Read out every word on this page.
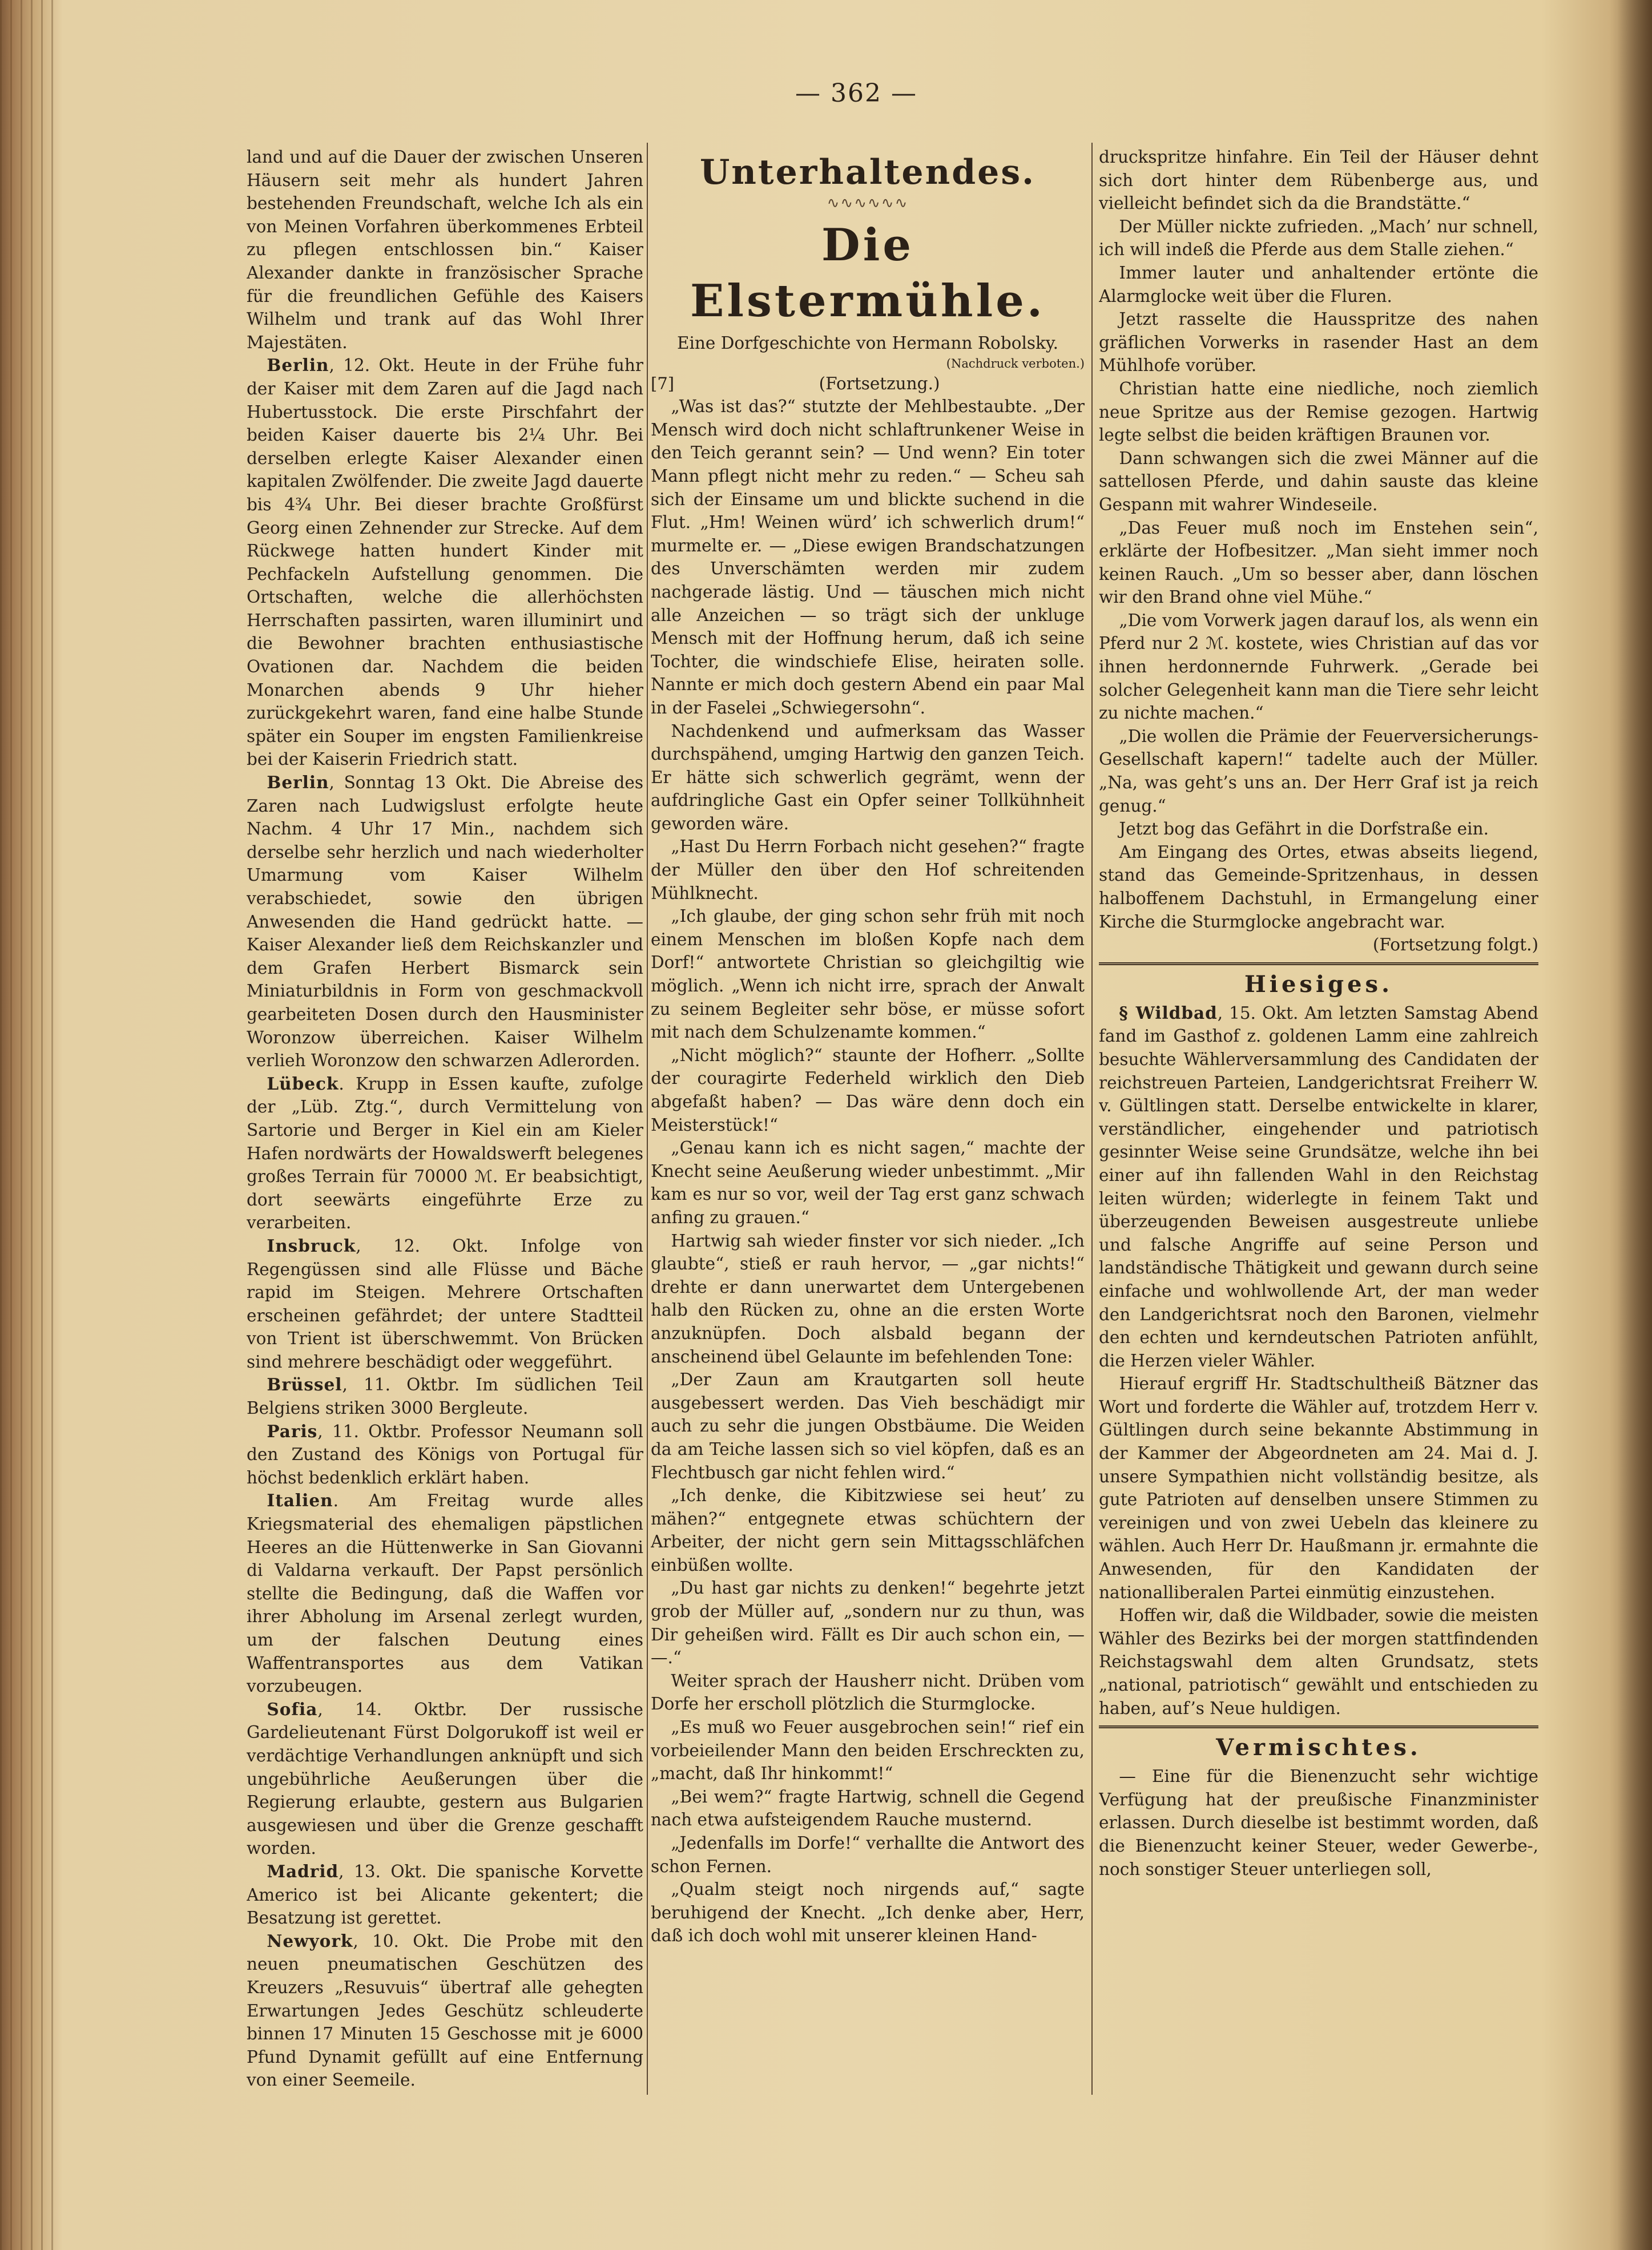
— 362 —

land und auf die Dauer der zwischen Unseren Häusern seit mehr als hundert Jahren bestehenden Freundschaft, welche Ich als ein von Meinen Vorfahren überkommenes Erbteil zu pflegen entschlossen bin.“ Kaiser Alexander dankte in französischer Sprache für die freundlichen Gefühle des Kaisers Wilhelm und trank auf das Wohl Ihrer Majestäten.

Berlin, 12. Okt. Heute in der Frühe fuhr der Kaiser mit dem Zaren auf die Jagd nach Hubertusstock. Die erste Pirschfahrt der beiden Kaiser dauerte bis 2¼ Uhr. Bei derselben erlegte Kaiser Alexander einen kapitalen Zwölfender. Die zweite Jagd dauerte bis 4¾ Uhr. Bei dieser brachte Großfürst Georg einen Zehnender zur Strecke. Auf dem Rückwege hatten hundert Kinder mit Pechfackeln Aufstellung genommen. Die Ortschaften, welche die allerhöchsten Herrschaften passirten, waren illuminirt und die Bewohner brachten enthusiastische Ovationen dar. Nachdem die beiden Monarchen abends 9 Uhr hieher zurückgekehrt waren, fand eine halbe Stunde später ein Souper im engsten Familienkreise bei der Kaiserin Friedrich statt.

Berlin, Sonntag 13 Okt. Die Abreise des Zaren nach Ludwigslust erfolgte heute Nachm. 4 Uhr 17 Min., nachdem sich derselbe sehr herzlich und nach wiederholter Umarmung vom Kaiser Wilhelm verabschiedet, sowie den übrigen Anwesenden die Hand gedrückt hatte. — Kaiser Alexander ließ dem Reichskanzler und dem Grafen Herbert Bismarck sein Miniaturbildnis in Form von geschmackvoll gearbeiteten Dosen durch den Hausminister Woronzow überreichen. Kaiser Wilhelm verlieh Woronzow den schwarzen Adlerorden.

Lübeck. Krupp in Essen kaufte, zufolge der „Lüb. Ztg.“, durch Vermittelung von Sartorie und Berger in Kiel ein am Kieler Hafen nordwärts der Howaldswerft belegenes großes Terrain für 70000 ℳ. Er beabsichtigt, dort seewärts eingeführte Erze zu verarbeiten.

Insbruck, 12. Okt. Infolge von Regengüssen sind alle Flüsse und Bäche rapid im Steigen. Mehrere Ortschaften erscheinen gefährdet; der untere Stadtteil von Trient ist überschwemmt. Von Brücken sind mehrere beschädigt oder weggeführt.

Brüssel, 11. Oktbr. Im südlichen Teil Belgiens striken 3000 Bergleute.

Paris, 11. Oktbr. Professor Neumann soll den Zustand des Königs von Portugal für höchst bedenklich erklärt haben.

Italien. Am Freitag wurde alles Kriegsmaterial des ehemaligen päpstlichen Heeres an die Hüttenwerke in San Giovanni di Valdarna verkauft. Der Papst persönlich stellte die Bedingung, daß die Waffen vor ihrer Abholung im Arsenal zerlegt wurden, um der falschen Deutung eines Waffentransportes aus dem Vatikan vorzubeugen.

Sofia, 14. Oktbr. Der russische Gardelieutenant Fürst Dolgorukoff ist weil er verdächtige Verhandlungen anknüpft und sich ungebührliche Aeußerungen über die Regierung erlaubte, gestern aus Bulgarien ausgewiesen und über die Grenze geschafft worden.

Madrid, 13. Okt. Die spanische Korvette Americo ist bei Alicante gekentert; die Besatzung ist gerettet.

Newyork, 10. Okt. Die Probe mit den neuen pneumatischen Geschützen des Kreuzers „Resuvuis“ übertraf alle gehegten Erwartungen Jedes Geschütz schleuderte binnen 17 Minuten 15 Geschosse mit je 6000 Pfund Dynamit gefüllt auf eine Entfernung von einer Seemeile.

Unterhaltendes.
∿∿∿∿∿∿
Die Elstermühle.

Eine Dorfgeschichte von Hermann Robolsky.

(Nachdruck verboten.)
[7]	(Fortsetzung.)

„Was ist das?“ stutzte der Mehlbestaubte. „Der Mensch wird doch nicht schlaftrunkener Weise in den Teich gerannt sein? — Und wenn? Ein toter Mann pflegt nicht mehr zu reden.“ — Scheu sah sich der Einsame um und blickte suchend in die Flut. „Hm! Weinen würd’ ich schwerlich drum!“ murmelte er. — „Diese ewigen Brandschatzungen des Unverschämten werden mir zudem nachgerade lästig. Und — täuschen mich nicht alle Anzeichen — so trägt sich der unkluge Mensch mit der Hoffnung herum, daß ich seine Tochter, die windschiefe Elise, heiraten solle. Nannte er mich doch gestern Abend ein paar Mal in der Faselei „Schwiegersohn“.

Nachdenkend und aufmerksam das Wasser durchspähend, umging Hartwig den ganzen Teich. Er hätte sich schwerlich gegrämt, wenn der aufdringliche Gast ein Opfer seiner Tollkühnheit geworden wäre.

„Hast Du Herrn Forbach nicht gesehen?“ fragte der Müller den über den Hof schreitenden Mühlknecht.

„Ich glaube, der ging schon sehr früh mit noch einem Menschen im bloßen Kopfe nach dem Dorf!“ antwortete Christian so gleichgiltig wie möglich. „Wenn ich nicht irre, sprach der Anwalt zu seinem Begleiter sehr böse, er müsse sofort mit nach dem Schulzenamte kommen.“

„Nicht möglich?“ staunte der Hofherr. „Sollte der couragirte Federheld wirklich den Dieb abgefaßt haben? — Das wäre denn doch ein Meisterstück!“

„Genau kann ich es nicht sagen,“ machte der Knecht seine Aeußerung wieder unbestimmt. „Mir kam es nur so vor, weil der Tag erst ganz schwach anfing zu grauen.“

Hartwig sah wieder finster vor sich nieder. „Ich glaubte“, stieß er rauh hervor, — „gar nichts!“ drehte er dann unerwartet dem Untergebenen halb den Rücken zu, ohne an die ersten Worte anzuknüpfen. Doch alsbald begann der anscheinend übel Gelaunte im befehlenden Tone:

„Der Zaun am Krautgarten soll heute ausgebessert werden. Das Vieh beschädigt mir auch zu sehr die jungen Obstbäume. Die Weiden da am Teiche lassen sich so viel köpfen, daß es an Flechtbusch gar nicht fehlen wird.“

„Ich denke, die Kibitzwiese sei heut’ zu mähen?“ entgegnete etwas schüchtern der Arbeiter, der nicht gern sein Mittagsschläfchen einbüßen wollte.

„Du hast gar nichts zu denken!“ begehrte jetzt grob der Müller auf, „sondern nur zu thun, was Dir geheißen wird. Fällt es Dir auch schon ein, — —.“

Weiter sprach der Hausherr nicht. Drüben vom Dorfe her erscholl plötzlich die Sturmglocke.

„Es muß wo Feuer ausgebrochen sein!“ rief ein vorbeieilender Mann den beiden Erschreckten zu, „macht, daß Ihr hinkommt!“

„Bei wem?“ fragte Hartwig, schnell die Gegend nach etwa aufsteigendem Rauche musternd.

„Jedenfalls im Dorfe!“ verhallte die Antwort des schon Fernen.

„Qualm steigt noch nirgends auf,“ sagte beruhigend der Knecht. „Ich denke aber, Herr, daß ich doch wohl mit unserer kleinen Hand-

druckspritze hinfahre. Ein Teil der Häuser dehnt sich dort hinter dem Rübenberge aus, und vielleicht befindet sich da die Brandstätte.“

Der Müller nickte zufrieden. „Mach’ nur schnell, ich will indeß die Pferde aus dem Stalle ziehen.“

Immer lauter und anhaltender ertönte die Alarmglocke weit über die Fluren.

Jetzt rasselte die Hausspritze des nahen gräflichen Vorwerks in rasender Hast an dem Mühlhofe vorüber.

Christian hatte eine niedliche, noch ziemlich neue Spritze aus der Remise gezogen. Hartwig legte selbst die beiden kräftigen Braunen vor.

Dann schwangen sich die zwei Männer auf die sattellosen Pferde, und dahin sauste das kleine Gespann mit wahrer Windeseile.

„Das Feuer muß noch im Enstehen sein“, erklärte der Hofbesitzer. „Man sieht immer noch keinen Rauch. „Um so besser aber, dann löschen wir den Brand ohne viel Mühe.“

„Die vom Vorwerk jagen darauf los, als wenn ein Pferd nur 2 ℳ. kostete, wies Christian auf das vor ihnen herdonnernde Fuhrwerk. „Gerade bei solcher Gelegenheit kann man die Tiere sehr leicht zu nichte machen.“

„Die wollen die Prämie der Feuerversicherungs-Gesellschaft kapern!“ tadelte auch der Müller. „Na, was geht’s uns an. Der Herr Graf ist ja reich genug.“

Jetzt bog das Gefährt in die Dorfstraße ein.

Am Eingang des Ortes, etwas abseits liegend, stand das Gemeinde-Spritzenhaus, in dessen halboffenem Dachstuhl, in Ermangelung einer Kirche die Sturmglocke angebracht war.

(Fortsetzung folgt.)

Hiesiges.

§ Wildbad, 15. Okt. Am letzten Samstag Abend fand im Gasthof z. goldenen Lamm eine zahlreich besuchte Wählerversammlung des Candidaten der reichstreuen Parteien, Landgerichtsrat Freiherr W. v. Gültlingen statt. Derselbe entwickelte in klarer, verständlicher, eingehender und patriotisch gesinnter Weise seine Grundsätze, welche ihn bei einer auf ihn fallenden Wahl in den Reichstag leiten würden; widerlegte in feinem Takt und überzeugenden Beweisen ausgestreute unliebe und falsche Angriffe auf seine Person und landständische Thätigkeit und gewann durch seine einfache und wohlwollende Art, der man weder den Landgerichtsrat noch den Baronen, vielmehr den echten und kerndeutschen Patrioten anfühlt, die Herzen vieler Wähler.

Hierauf ergriff Hr. Stadtschultheiß Bätzner das Wort und forderte die Wähler auf, trotzdem Herr v. Gültlingen durch seine bekannte Abstimmung in der Kammer der Abgeordneten am 24. Mai d. J. unsere Sympathien nicht vollständig besitze, als gute Patrioten auf denselben unsere Stimmen zu vereinigen und von zwei Uebeln das kleinere zu wählen. Auch Herr Dr. Haußmann jr. ermahnte die Anwesenden, für den Kandidaten der nationalliberalen Partei einmütig einzustehen.

Hoffen wir, daß die Wildbader, sowie die meisten Wähler des Bezirks bei der morgen stattfindenden Reichstagswahl dem alten Grundsatz, stets „national, patriotisch“ gewählt und entschieden zu haben, auf’s Neue huldigen.

Vermischtes.

— Eine für die Bienenzucht sehr wichtige Verfügung hat der preußische Finanzminister erlassen. Durch dieselbe ist bestimmt worden, daß die Bienenzucht keiner Steuer, weder Gewerbe-, noch sonstiger Steuer unterliegen soll,
